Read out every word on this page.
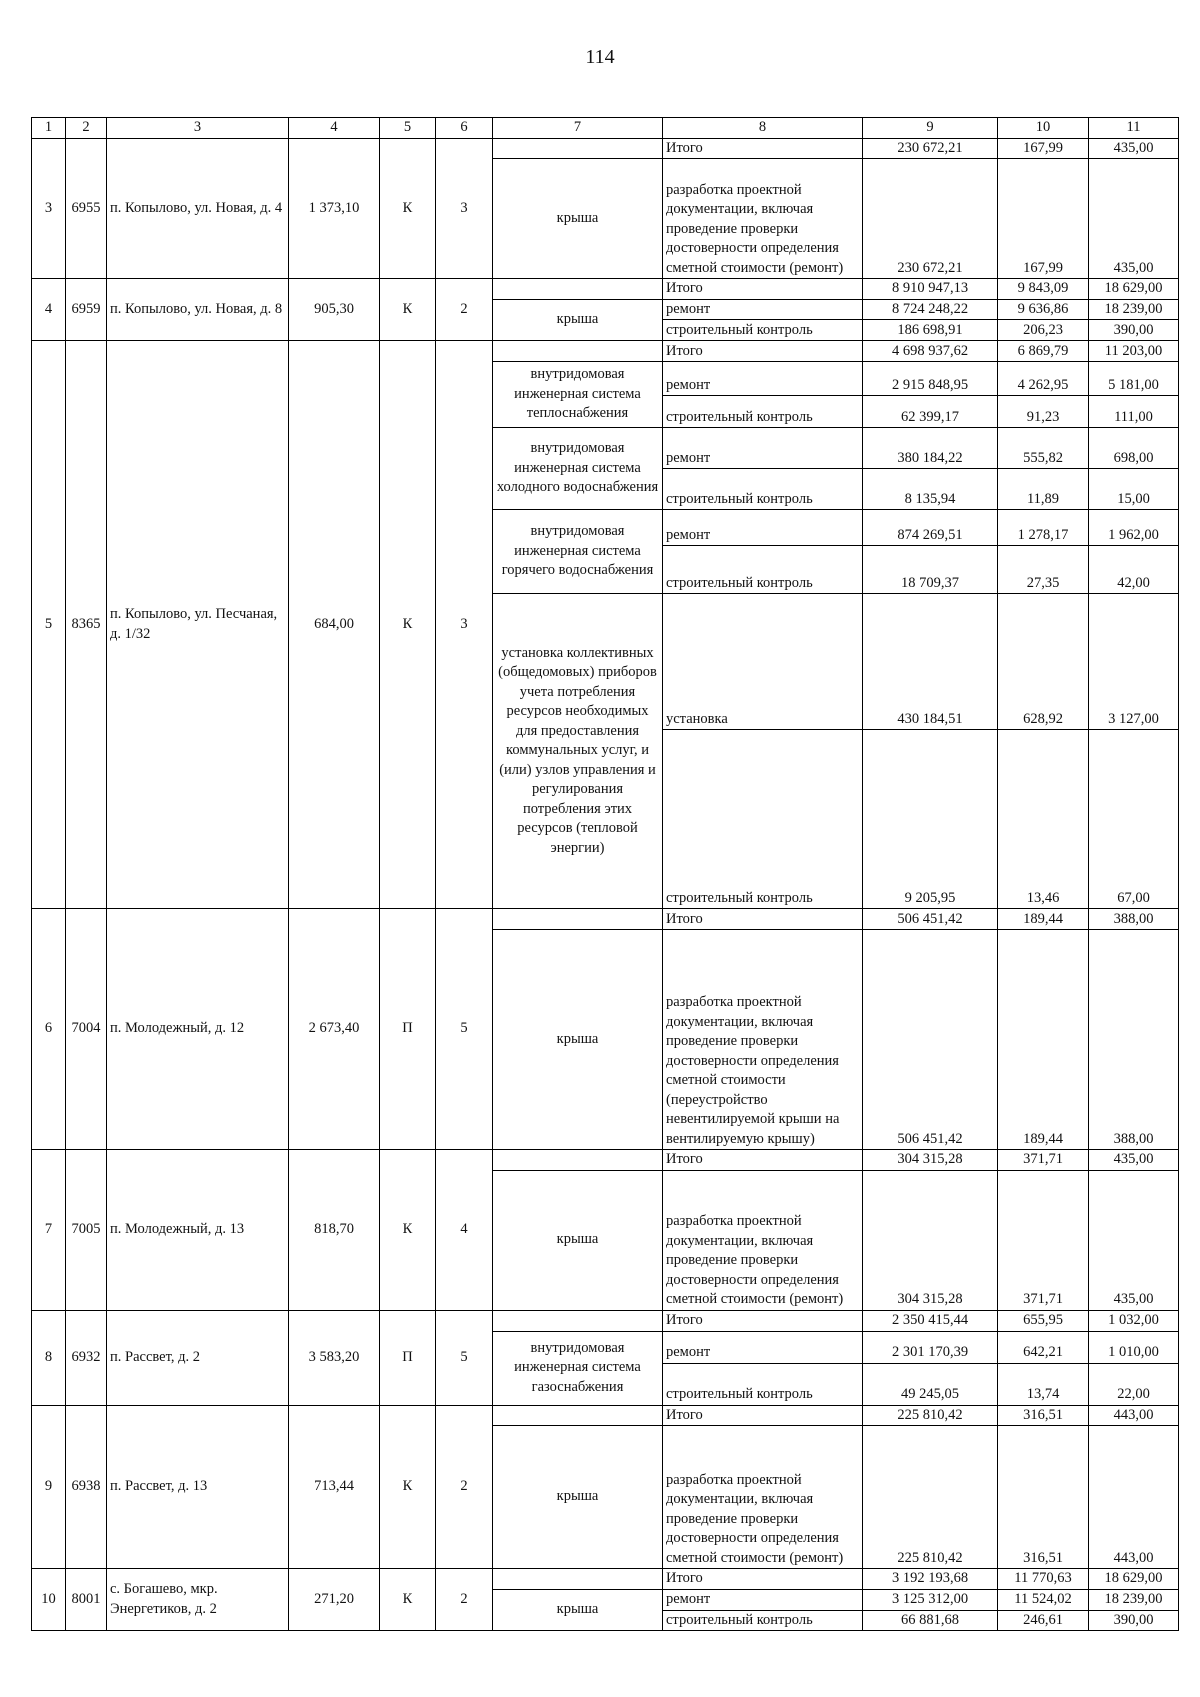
114
1	2	3	4	5	6	7	8	9	10	11
3	6955	п. Копылово, ул. Новая, д. 4	1 373,10	К	3		Итого	230 672,21	167,99	435,00
						крыша	разработка проектной документации, включая проведение проверки достоверности определения сметной стоимости (ремонт)	230 672,21	167,99	435,00
4	6959	п. Копылово, ул. Новая, д. 8	905,30	К	2		Итого	8 910 947,13	9 843,09	18 629,00
						крыша	ремонт	8 724 248,22	9 636,86	18 239,00
							строительный контроль	186 698,91	206,23	390,00
5	8365	п. Копылово, ул. Песчаная, д. 1/32	684,00	К	3		Итого	4 698 937,62	6 869,79	11 203,00
						внутридомовая инженерная система теплоснабжения	ремонт	2 915 848,95	4 262,95	5 181,00
							строительный контроль	62 399,17	91,23	111,00
						внутридомовая инженерная система холодного водоснабжения	ремонт	380 184,22	555,82	698,00
							строительный контроль	8 135,94	11,89	15,00
						внутридомовая инженерная система горячего водоснабжения	ремонт	874 269,51	1 278,17	1 962,00
							строительный контроль	18 709,37	27,35	42,00
						установка коллективных (общедомовых) приборов учета потребления ресурсов необходимых для предоставления коммунальных услуг, и (или) узлов управления и регулирования потребления этих ресурсов (тепловой энергии)	установка	430 184,51	628,92	3 127,00
							строительный контроль	9 205,95	13,46	67,00
6	7004	п. Молодежный, д. 12	2 673,40	П	5		Итого	506 451,42	189,44	388,00
						крыша	разработка проектной документации, включая проведение проверки достоверности определения сметной стоимости (переустройство невентилируемой крыши на вентилируемую крышу)	506 451,42	189,44	388,00
7	7005	п. Молодежный, д. 13	818,70	К	4		Итого	304 315,28	371,71	435,00
						крыша	разработка проектной документации, включая проведение проверки достоверности определения сметной стоимости (ремонт)	304 315,28	371,71	435,00
8	6932	п. Рассвет, д. 2	3 583,20	П	5		Итого	2 350 415,44	655,95	1 032,00
						внутридомовая инженерная система газоснабжения	ремонт	2 301 170,39	642,21	1 010,00
							строительный контроль	49 245,05	13,74	22,00
9	6938	п. Рассвет, д. 13	713,44	К	2		Итого	225 810,42	316,51	443,00
						крыша	разработка проектной документации, включая проведение проверки достоверности определения сметной стоимости (ремонт)	225 810,42	316,51	443,00
10	8001	с. Богашево, мкр. Энергетиков, д. 2	271,20	К	2		Итого	3 192 193,68	11 770,63	18 629,00
						крыша	ремонт	3 125 312,00	11 524,02	18 239,00
							строительный контроль	66 881,68	246,61	390,00
